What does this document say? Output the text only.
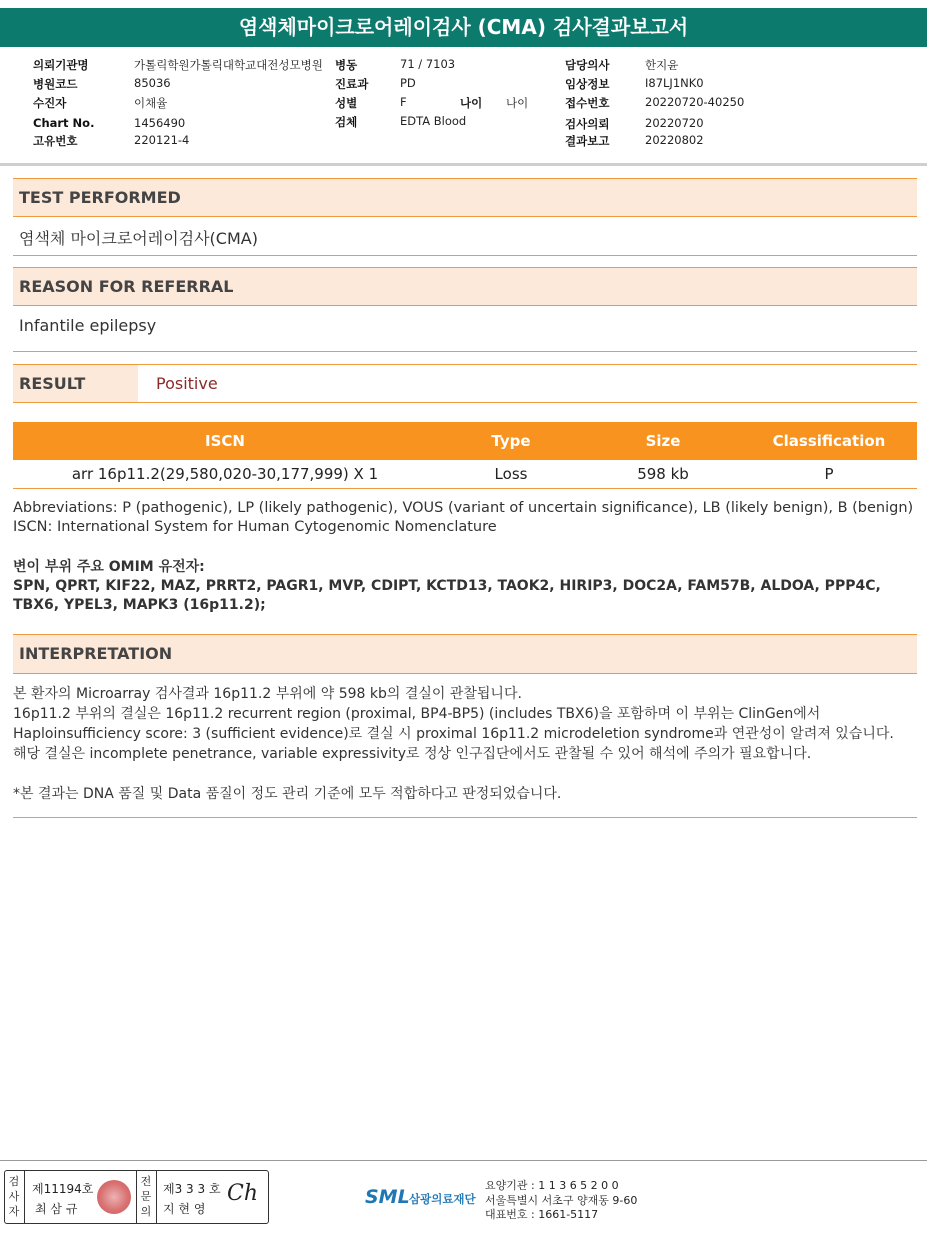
염색체마이크로어레이검사 (CMA) 검사결과보고서
의뢰기관명	가톨릭학원가톨릭대학교대전성모병원
병원코드	85036
수진자	이채율
Chart No.	1456490
고유번호	220121-4
병동	71 / 7103
진료과	PD
성별	F	나이 나이
검체	EDTA Blood
담당의사	한지윤
임상정보	I87LJ1NK0
접수번호	20220720-40250
검사의뢰	20220720
결과보고	20220802
TEST PERFORMED
염색체 마이크로어레이검사(CMA)
REASON FOR REFERRAL
Infantile epilepsy
RESULT	Positive
ISCN	Type	Size	Classification
arr 16p11.2(29,580,020-30,177,999) X 1	Loss	598 kb	P
Abbreviations: P (pathogenic), LP (likely pathogenic), VOUS (variant of uncertain significance), LB (likely benign), B (benign)
ISCN: International System for Human Cytogenomic Nomenclature
변이 부위 주요 OMIM 유전자:
SPN, QPRT, KIF22, MAZ, PRRT2, PAGR1, MVP, CDIPT, KCTD13, TAOK2, HIRIP3, DOC2A, FAM57B, ALDOA, PPP4C, TBX6, YPEL3, MAPK3 (16p11.2);
INTERPRETATION

본 환자의 Microarray 검사결과 16p11.2 부위에 약 598 kb의 결실이 관찰됩니다.

16p11.2 부위의 결실은 16p11.2 recurrent region (proximal, BP4-BP5) (includes TBX6)을 포함하며 이 부위는 ClinGen에서

Haploinsufficiency score: 3 (sufficient evidence)로 결실 시 proximal 16p11.2 microdeletion syndrome과 연관성이 알려져 있습니다.

해당 결실은 incomplete penetrance, variable expressivity로 정상 인구집단에서도 관찰될 수 있어 해석에 주의가 필요합니다.

*본 결과는 DNA 품질 및 Data 품질이 정도 관리 기준에 모두 적합하다고 판정되었습니다.

검
사
자
제11194호
최 삼 규
전
문
의
제3 3 3 호
지 현 영
Ch	SML 삼광의료재단
요양기관 : 1 1 3 6 5 2 0 0
서울특별시 서초구 양재동 9-60
대표번호 : 1661-5117
